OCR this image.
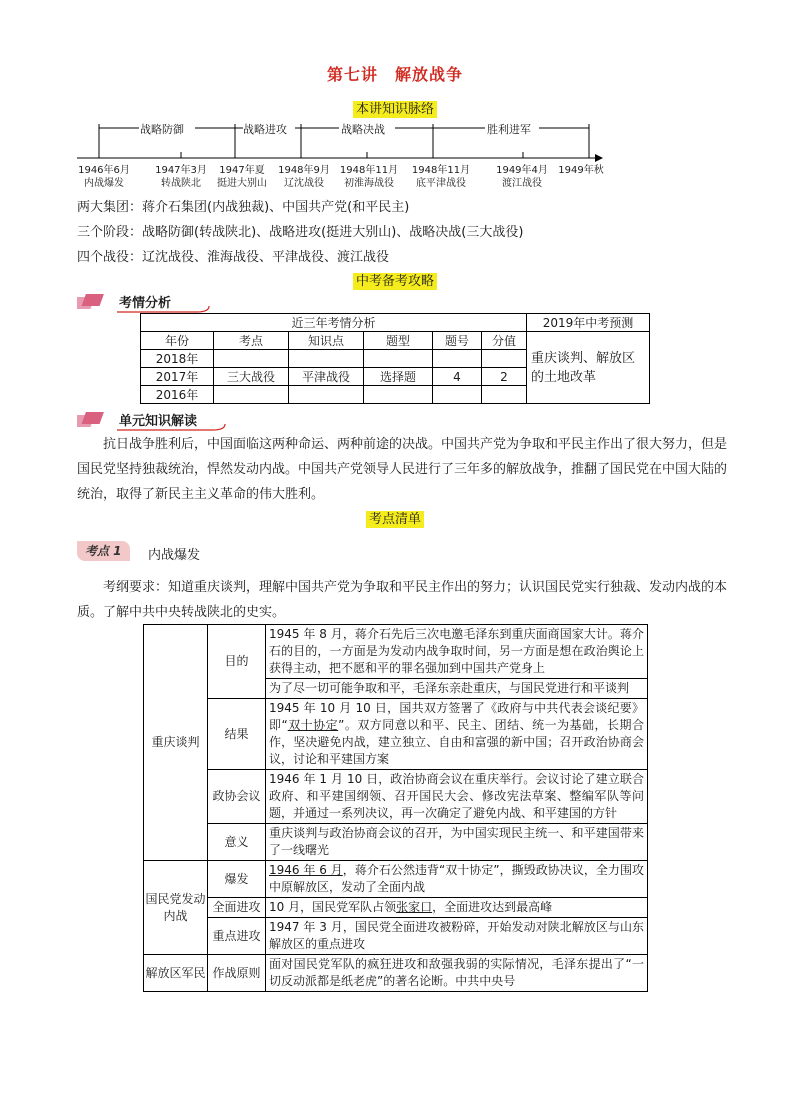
第七讲　解放战争
本讲知识脉络
战略防御	战略进攻	战略决战	胜利进军
1946年6月
内战爆发
1947年3月
转战陕北
1947年夏
挺进大别山
1948年9月
辽沈战役
1948年11月
初淮海战役
1948年11月
底平津战役
1949年4月
渡江战役
1949年秋
两大集团：蒋介石集团(内战独裁)、中国共产党(和平民主)
三个阶段：战略防御(转战陕北)、战略进攻(挺进大别山)、战略决战(三大战役)
四个战役：辽沈战役、淮海战役、平津战役、渡江战役
中考备考攻略
考情分析
近三年考情分析						2019年中考预测
年份	考点	知识点	题型	题号	分值	重庆谈判、解放区的土地改革
2018年						
2017年	三大战役	平津战役	选择题	4	2	
2016年						
单元知识解读
抗日战争胜利后，中国面临这两种命运、两种前途的决战。中国共产党为争取和平民主作出了很大努力，但是国民党坚持独裁统治，悍然发动内战。中国共产党领导人民进行了三年多的解放战争，推翻了国民党在中国大陆的统治，取得了新民主主义革命的伟大胜利。
考点清单
考点 1	内战爆发
考纲要求：知道重庆谈判，理解中国共产党为争取和平民主作出的努力；认识国民党实行独裁、发动内战的本质。了解中共中央转战陕北的史实。
重庆谈判	目的	1945 年 8 月，蒋介石先后三次电邀毛泽东到重庆面商国家大计。蒋介石的目的，一方面是为发动内战争取时间，另一方面是想在政治舆论上获得主动，把不愿和平的罪名强加到中国共产党身上
		为了尽一切可能争取和平，毛泽东亲赴重庆，与国民党进行和平谈判
	结果	1945 年 10 月 10 日，国共双方签署了《政府与中共代表会谈纪要》即“双十协定”。双方同意以和平、民主、团结、统一为基础，长期合作，坚决避免内战，建立独立、自由和富强的新中国；召开政治协商会议，讨论和平建国方案
	政协会议	1946 年 1 月 10 日，政治协商会议在重庆举行。会议讨论了建立联合政府、和平建国纲领、召开国民大会、修改宪法草案、整编军队等问题，并通过一系列决议，再一次确定了避免内战、和平建国的方针
	意义	重庆谈判与政治协商会议的召开，为中国实现民主统一、和平建国带来了一线曙光
国民党发动内战	爆发	1946 年 6 月，蒋介石公然违背“双十协定”，撕毁政协决议，全力围攻中原解放区，发动了全面内战
	全面进攻	10 月，国民党军队占领张家口，全面进攻达到最高峰
	重点进攻	1947 年 3 月，国民党全面进攻被粉碎，开始发动对陕北解放区与山东解放区的重点进攻
解放区军民	作战原则	面对国民党军队的疯狂进攻和敌强我弱的实际情况，毛泽东提出了“一切反动派都是纸老虎”的著名论断。中共中央号
